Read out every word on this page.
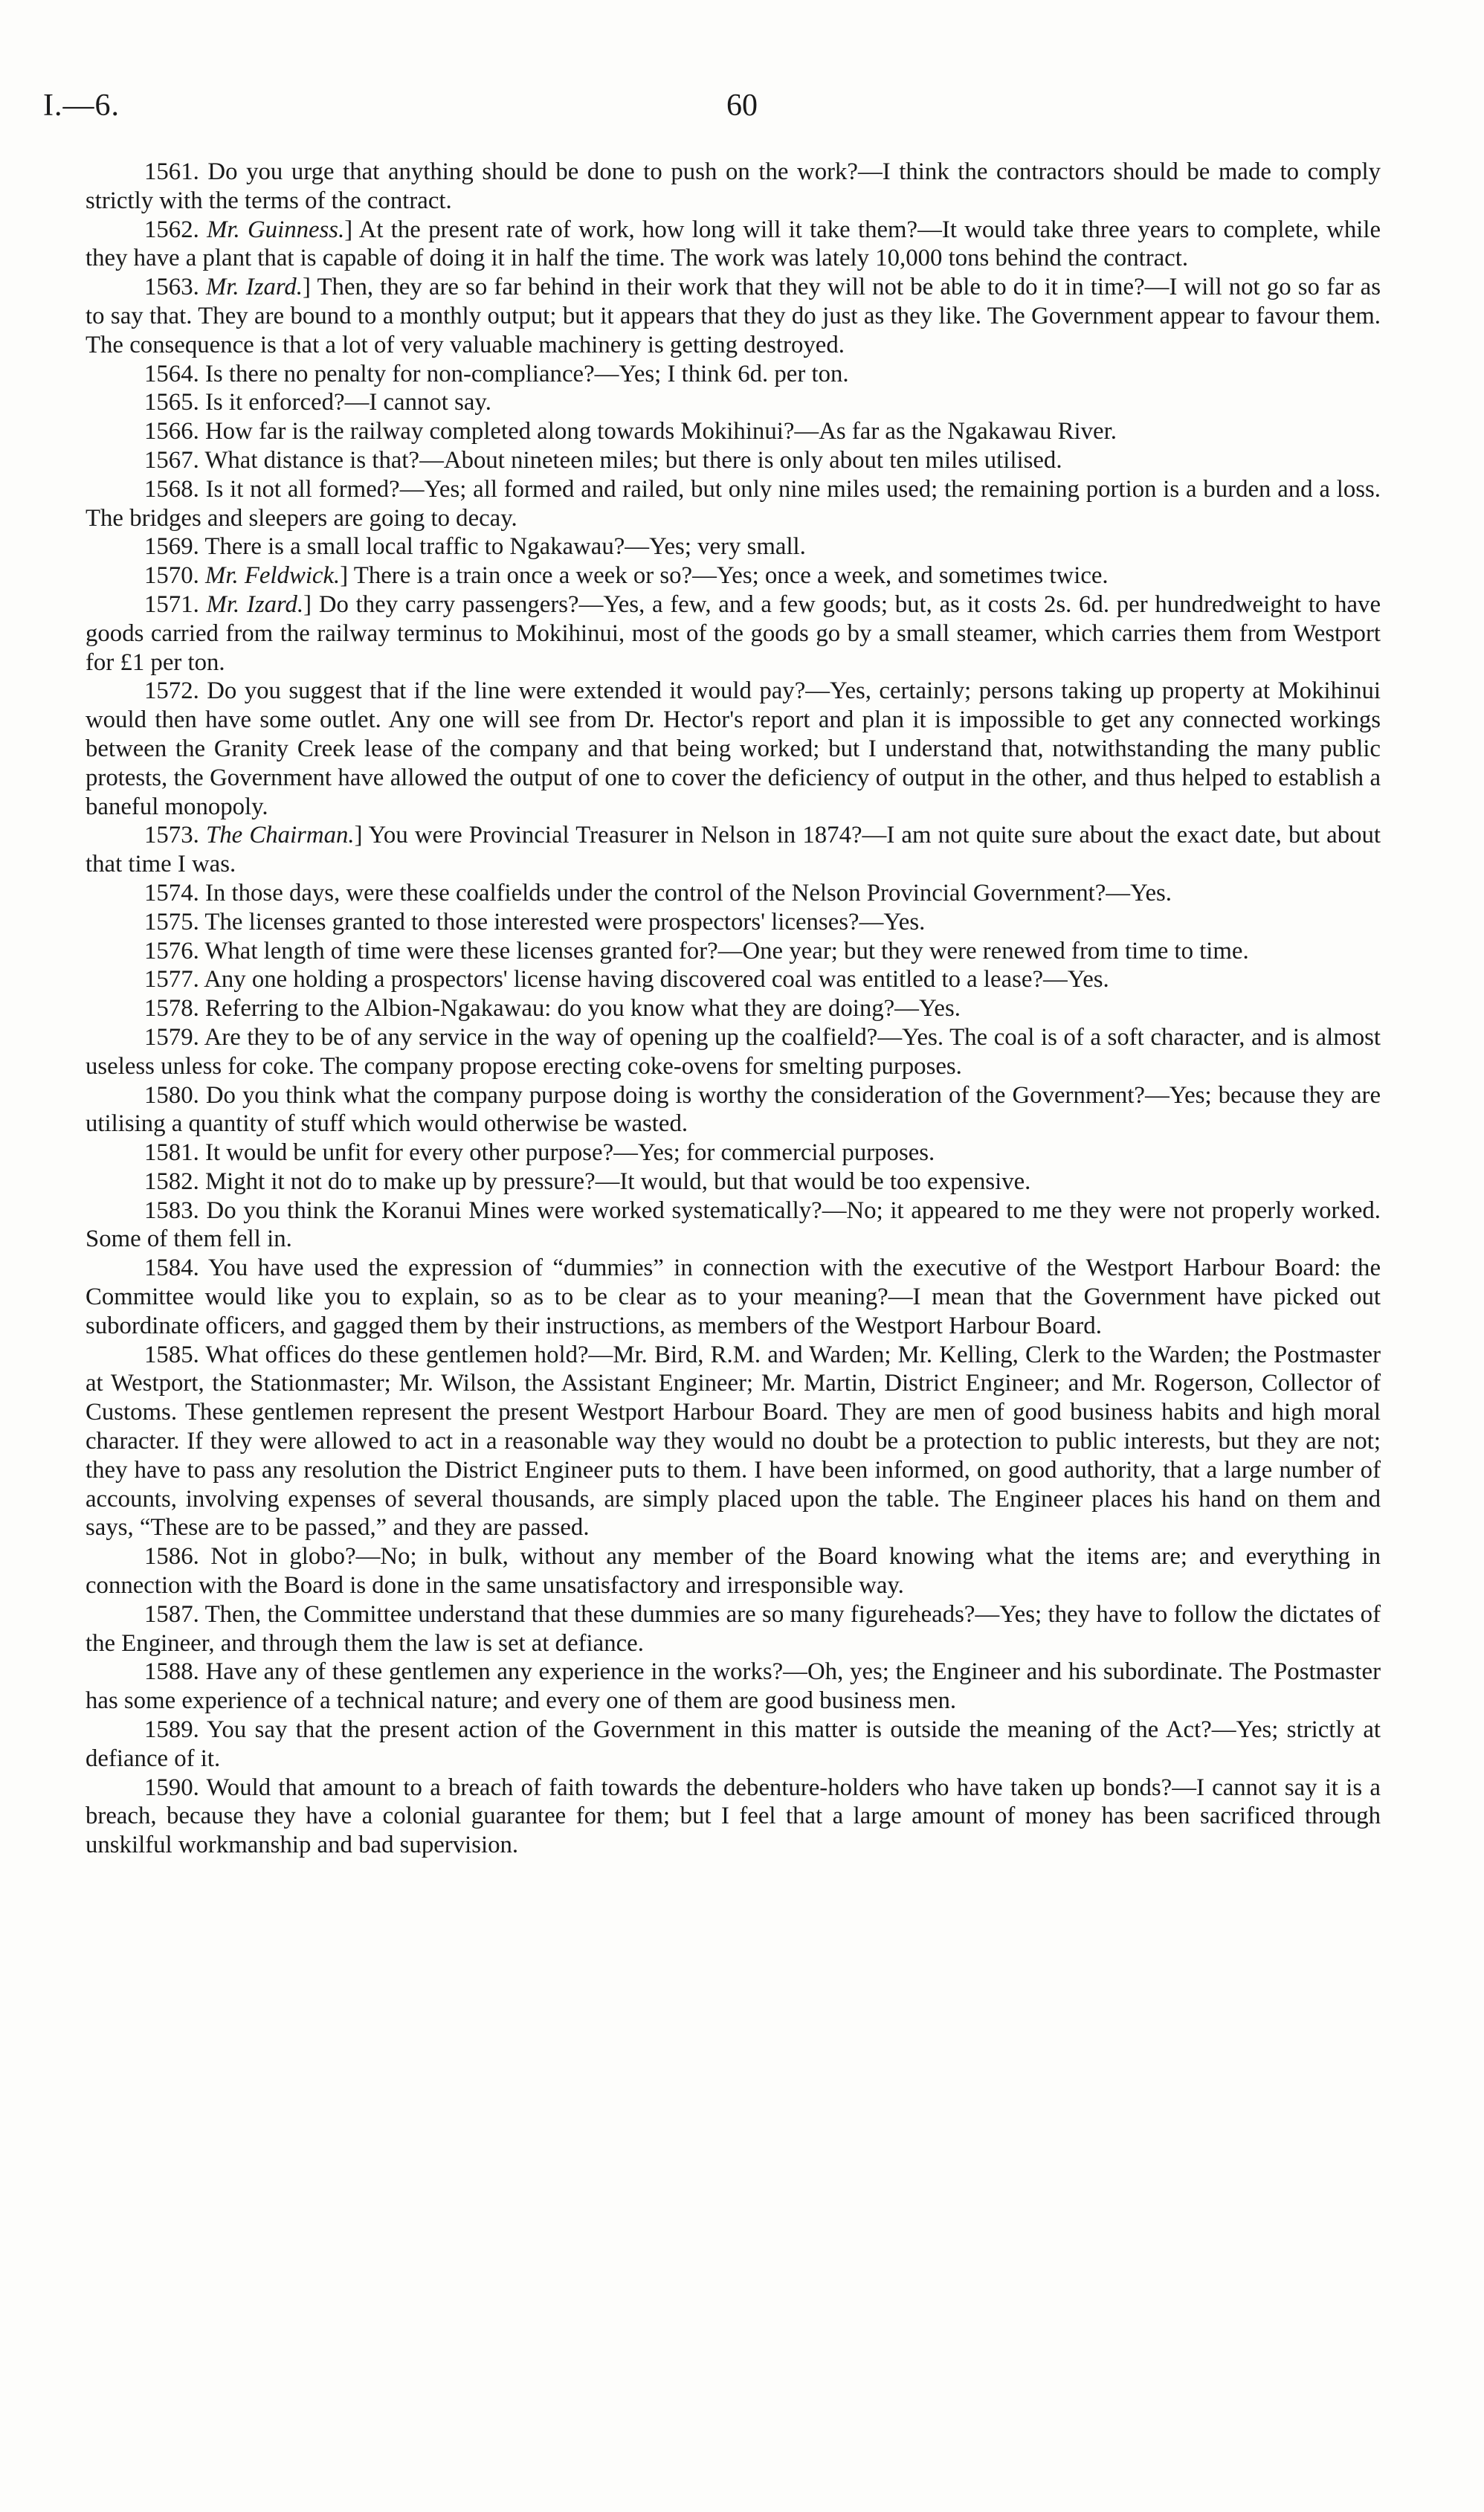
I.—6.	60

1561. Do you urge that anything should be done to push on the work?—I think the contractors should be made to comply strictly with the terms of the contract.

1562. Mr. Guinness.] At the present rate of work, how long will it take them?—It would take three years to complete, while they have a plant that is capable of doing it in half the time. The work was lately 10,000 tons behind the contract.

1563. Mr. Izard.] Then, they are so far behind in their work that they will not be able to do it in time?—I will not go so far as to say that. They are bound to a monthly output; but it appears that they do just as they like. The Government appear to favour them. The consequence is that a lot of very valuable machinery is getting destroyed.

1564. Is there no penalty for non-compliance?—Yes; I think 6d. per ton.

1565. Is it enforced?—I cannot say.

1566. How far is the railway completed along towards Mokihinui?—As far as the Ngakawau River.

1567. What distance is that?—About nineteen miles; but there is only about ten miles utilised.

1568. Is it not all formed?—Yes; all formed and railed, but only nine miles used; the remaining portion is a burden and a loss. The bridges and sleepers are going to decay.

1569. There is a small local traffic to Ngakawau?—Yes; very small.

1570. Mr. Feldwick.] There is a train once a week or so?—Yes; once a week, and sometimes twice.

1571. Mr. Izard.] Do they carry passengers?—Yes, a few, and a few goods; but, as it costs 2s. 6d. per hundredweight to have goods carried from the railway terminus to Mokihinui, most of the goods go by a small steamer, which carries them from Westport for £1 per ton.

1572. Do you suggest that if the line were extended it would pay?—Yes, certainly; persons taking up property at Mokihinui would then have some outlet. Any one will see from Dr. Hector's report and plan it is impossible to get any connected workings between the Granity Creek lease of the company and that being worked; but I understand that, notwithstanding the many public protests, the Government have allowed the output of one to cover the deficiency of output in the other, and thus helped to establish a baneful monopoly.

1573. The Chairman.] You were Provincial Treasurer in Nelson in 1874?—I am not quite sure about the exact date, but about that time I was.

1574. In those days, were these coalfields under the control of the Nelson Provincial Government?—Yes.

1575. The licenses granted to those interested were prospectors' licenses?—Yes.

1576. What length of time were these licenses granted for?—One year; but they were renewed from time to time.

1577. Any one holding a prospectors' license having discovered coal was entitled to a lease?—Yes.

1578. Referring to the Albion-Ngakawau: do you know what they are doing?—Yes.

1579. Are they to be of any service in the way of opening up the coalfield?—Yes. The coal is of a soft character, and is almost useless unless for coke. The company propose erecting coke-ovens for smelting purposes.

1580. Do you think what the company purpose doing is worthy the consideration of the Government?—Yes; because they are utilising a quantity of stuff which would otherwise be wasted.

1581. It would be unfit for every other purpose?—Yes; for commercial purposes.

1582. Might it not do to make up by pressure?—It would, but that would be too expensive.

1583. Do you think the Koranui Mines were worked systematically?—No; it appeared to me they were not properly worked. Some of them fell in.

1584. You have used the expression of “dummies” in connection with the executive of the Westport Harbour Board: the Committee would like you to explain, so as to be clear as to your meaning?—I mean that the Government have picked out subordinate officers, and gagged them by their instructions, as members of the Westport Harbour Board.

1585. What offices do these gentlemen hold?—Mr. Bird, R.M. and Warden; Mr. Kelling, Clerk to the Warden; the Postmaster at Westport, the Stationmaster; Mr. Wilson, the Assistant Engineer; Mr. Martin, District Engineer; and Mr. Rogerson, Collector of Customs. These gentlemen represent the present Westport Harbour Board. They are men of good business habits and high moral character. If they were allowed to act in a reasonable way they would no doubt be a protection to public interests, but they are not; they have to pass any resolution the District Engineer puts to them. I have been informed, on good authority, that a large number of accounts, involving expenses of several thousands, are simply placed upon the table. The Engineer places his hand on them and says, “These are to be passed,” and they are passed.

1586. Not in globo?—No; in bulk, without any member of the Board knowing what the items are; and everything in connection with the Board is done in the same unsatisfactory and irresponsible way.

1587. Then, the Committee understand that these dummies are so many figureheads?—Yes; they have to follow the dictates of the Engineer, and through them the law is set at defiance.

1588. Have any of these gentlemen any experience in the works?—Oh, yes; the Engineer and his subordinate. The Postmaster has some experience of a technical nature; and every one of them are good business men.

1589. You say that the present action of the Government in this matter is outside the meaning of the Act?—Yes; strictly at defiance of it.

1590. Would that amount to a breach of faith towards the debenture-holders who have taken up bonds?—I cannot say it is a breach, because they have a colonial guarantee for them; but I feel that a large amount of money has been sacrificed through unskilful workmanship and bad supervision.
